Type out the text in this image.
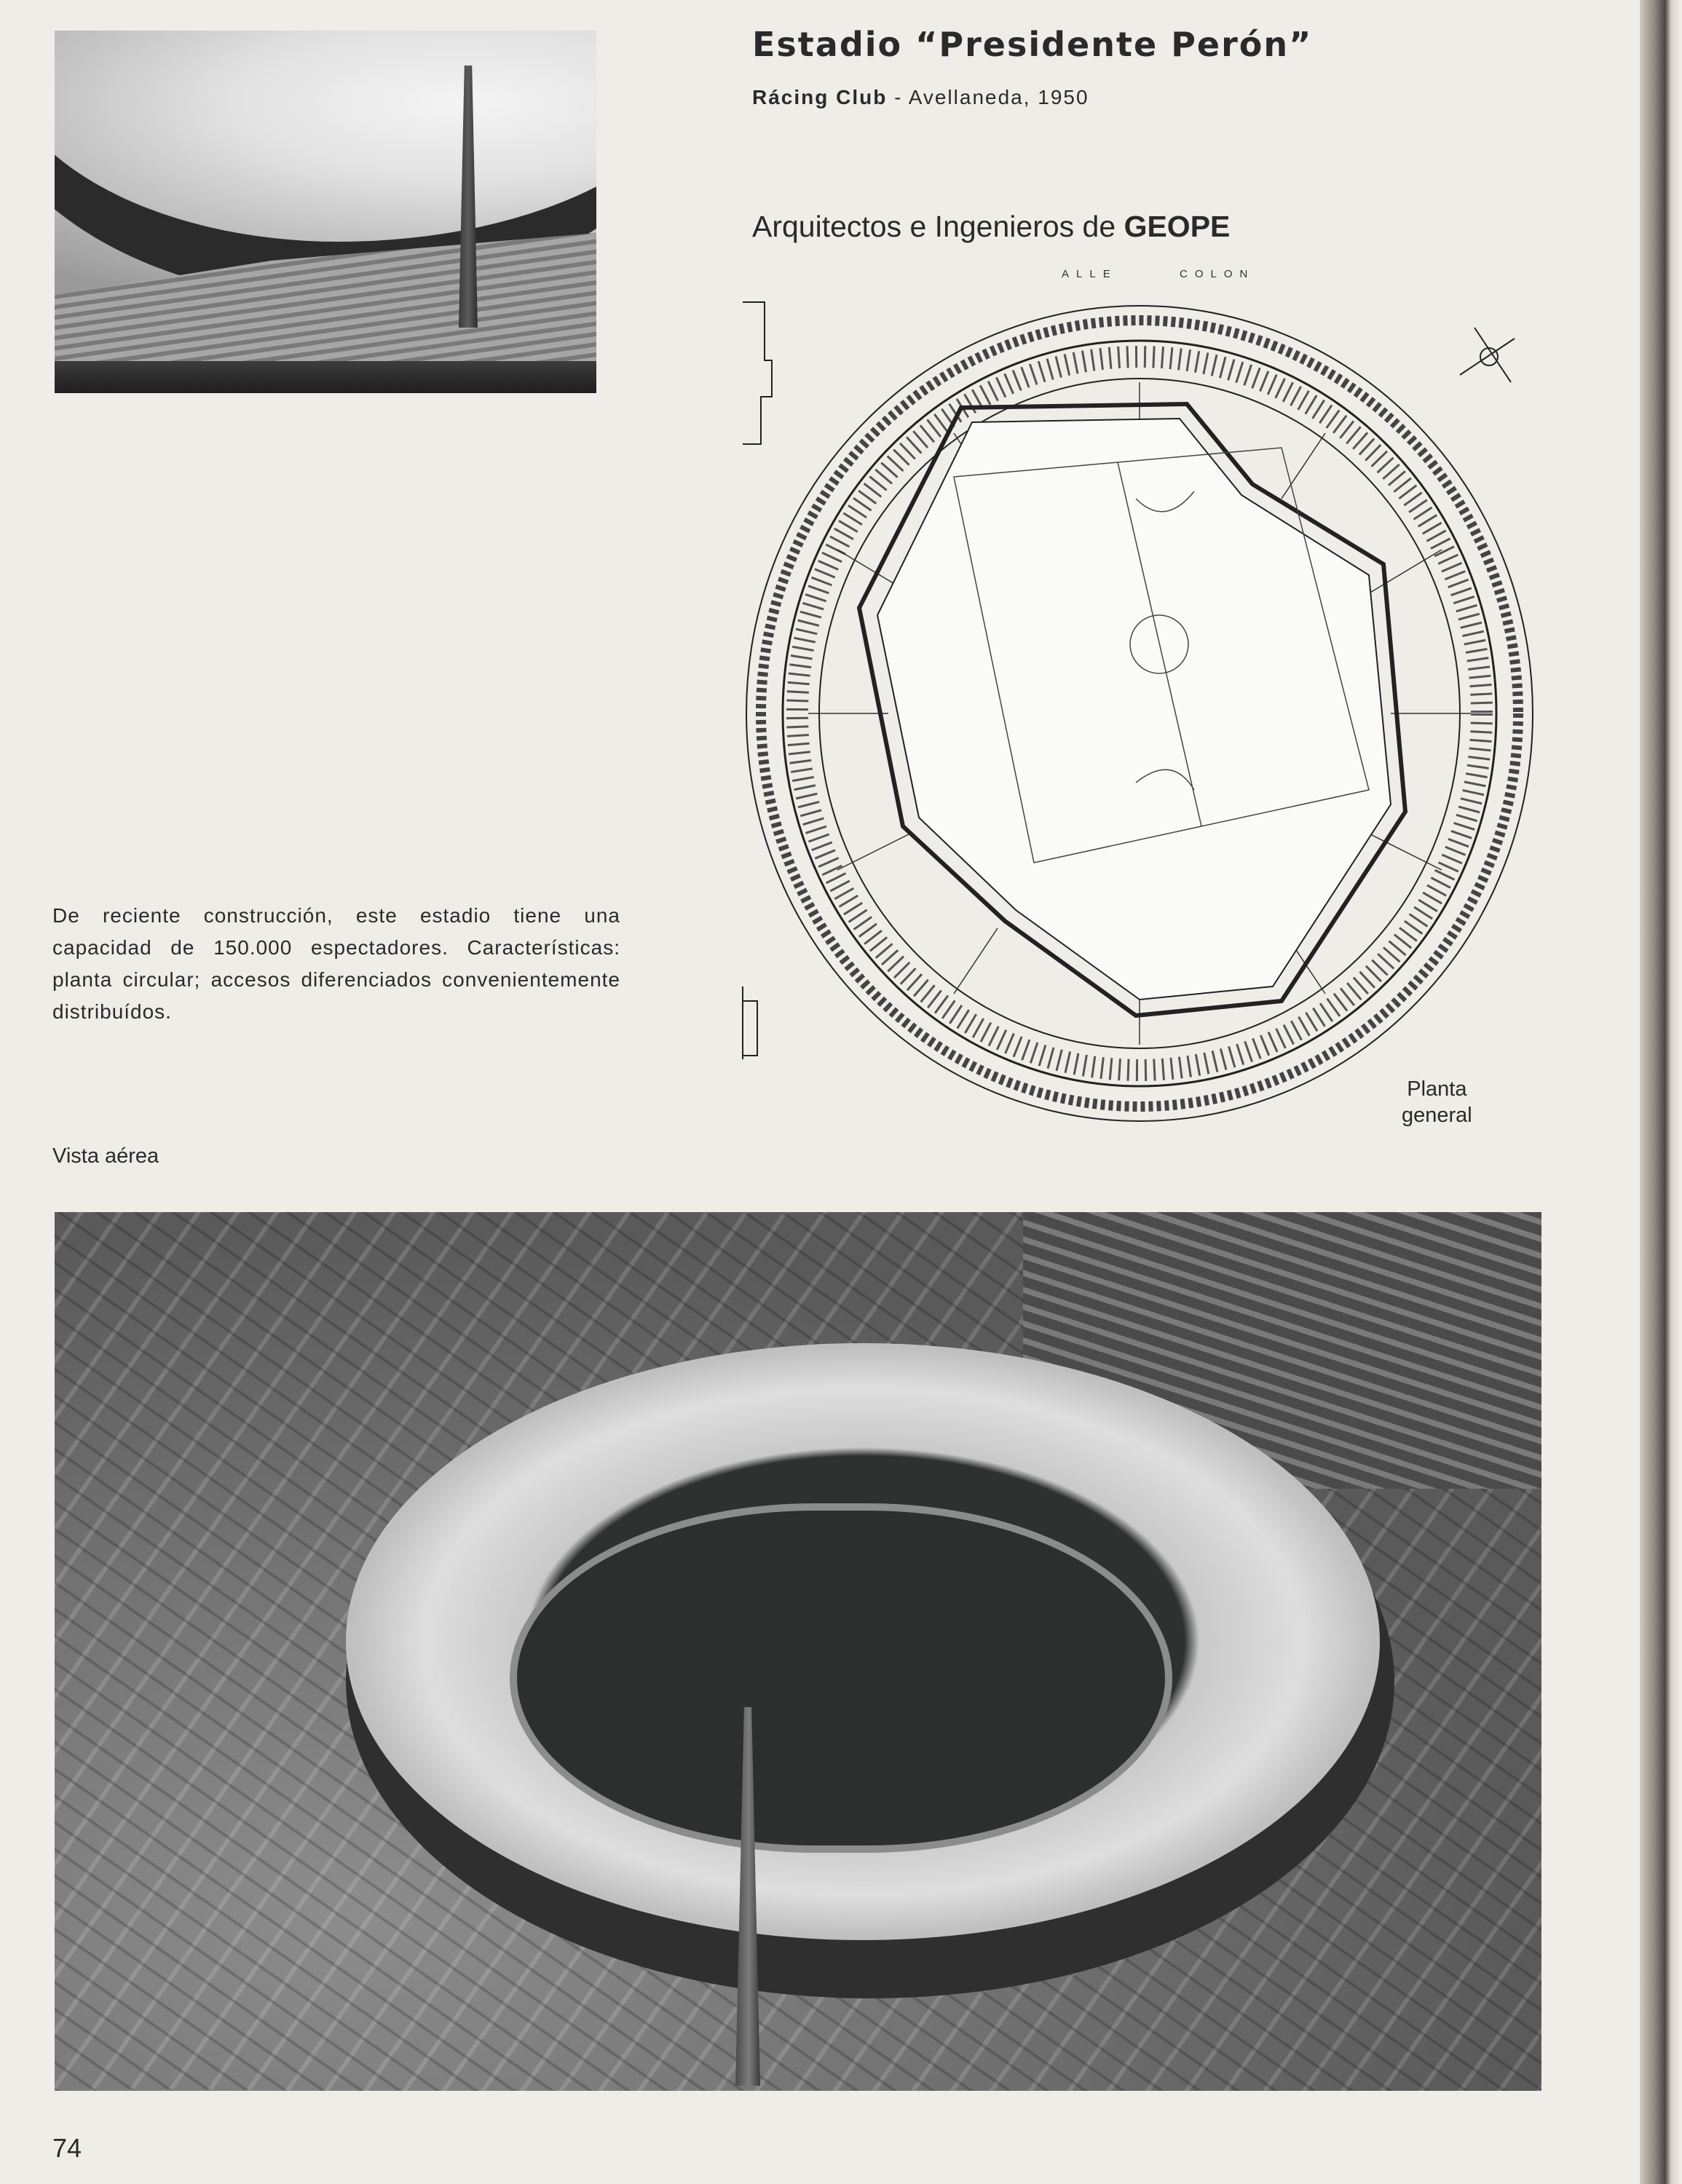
Estadio “Presidente Perón”
Rácing Club - Avellaneda, 1950
Arquitectos e Ingenieros de GEOPE
ALLE	COLON
Planta
general

De reciente construcción, este estadio tiene una capacidad de 150.000 espectadores. Características: planta circular; accesos diferenciados convenientemente distribuídos.

Vista aérea
74
